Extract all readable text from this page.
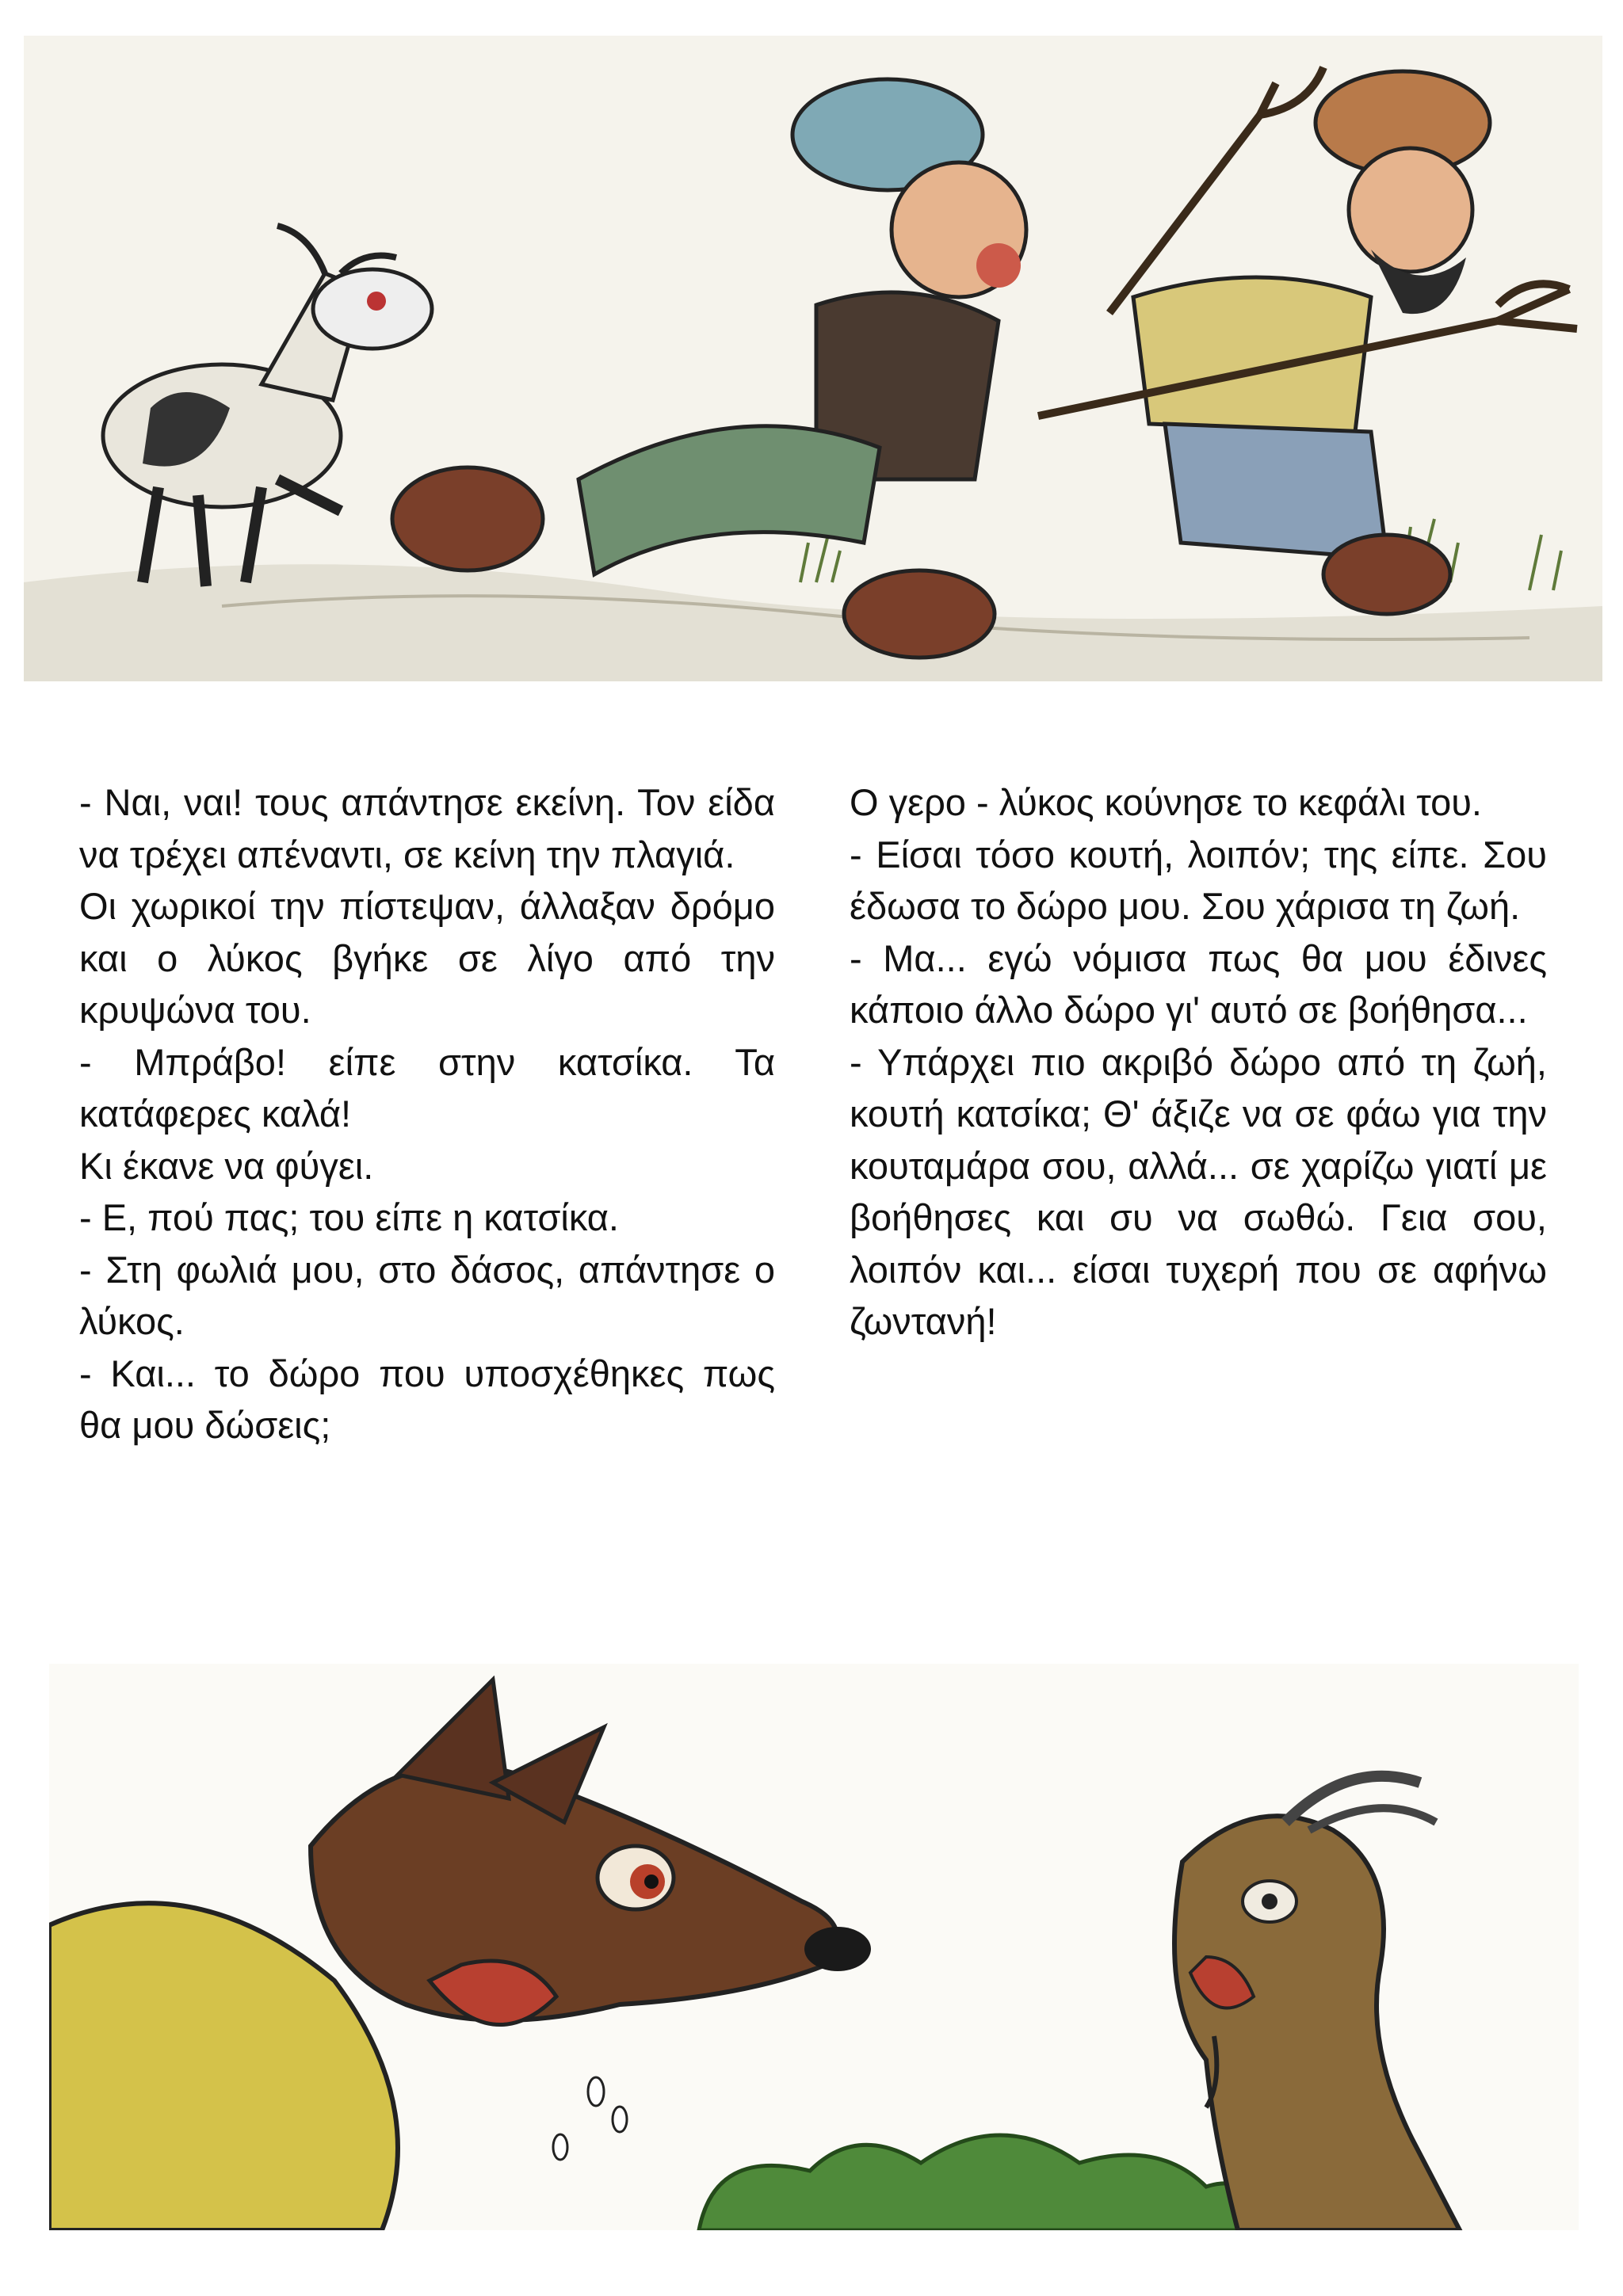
- Ναι, ναι! τους απάντησε εκείνη. Τον είδα να τρέχει απέναντι, σε κείνη την πλαγιά.

Οι χωρικοί την πίστεψαν, άλλαξαν δρόμο και ο λύκος βγήκε σε λίγο από την κρυψώνα του.

- Μπράβο! είπε στην κατσίκα. Τα κατάφερες καλά!

Κι έκανε να φύγει.

- Ε, πού πας; του είπε η κατσίκα.

- Στη φωλιά μου, στο δάσος, απάντησε ο λύκος.

- Και... το δώρο που υποσχέθηκες πως θα μου δώσεις;

Ο γερο - λύκος κούνησε το κεφάλι του.

- Είσαι τόσο κουτή, λοιπόν; της είπε. Σου έδωσα το δώρο μου. Σου χάρισα τη ζωή.

- Μα... εγώ νόμισα πως θα μου έδινες κάποιο άλλο δώρο γι' αυτό σε βοήθησα...

- Υπάρχει πιο ακριβό δώρο από τη ζωή, κουτή κατσίκα; Θ' άξιζε να σε φάω για την κουταμάρα σου, αλλά... σε χαρίζω γιατί με βοήθησες και συ να σωθώ. Γεια σου, λοιπόν και... είσαι τυχερή που σε αφήνω ζωντανή!
